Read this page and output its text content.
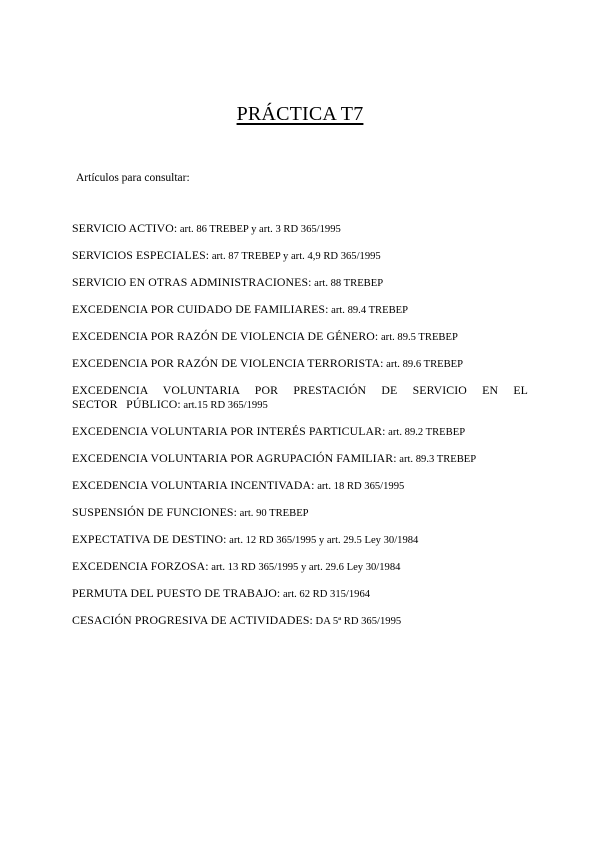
PRÁCTICA T7
Artículos para consultar:
SERVICIO ACTIVO: art. 86 TREBEP y art. 3 RD 365/1995
SERVICIOS ESPECIALES: art. 87 TREBEP y art. 4,9 RD 365/1995
SERVICIO EN OTRAS ADMINISTRACIONES: art. 88 TREBEP
EXCEDENCIA POR CUIDADO DE FAMILIARES: art. 89.4 TREBEP
EXCEDENCIA POR RAZÓN DE VIOLENCIA DE GÉNERO: art. 89.5 TREBEP
EXCEDENCIA POR RAZÓN DE VIOLENCIA TERRORISTA: art. 89.6 TREBEP
EXCEDENCIA VOLUNTARIA POR PRESTACIÓN DE SERVICIO EN EL SECTOR PÚBLICO: art.15 RD 365/1995
EXCEDENCIA VOLUNTARIA POR INTERÉS PARTICULAR: art. 89.2 TREBEP
EXCEDENCIA VOLUNTARIA POR AGRUPACIÓN FAMILIAR: art. 89.3 TREBEP
EXCEDENCIA VOLUNTARIA INCENTIVADA: art. 18 RD 365/1995
SUSPENSIÓN DE FUNCIONES: art. 90 TREBEP
EXPECTATIVA DE DESTINO: art. 12 RD 365/1995 y art. 29.5 Ley 30/1984
EXCEDENCIA FORZOSA: art. 13 RD 365/1995 y art. 29.6 Ley 30/1984
PERMUTA DEL PUESTO DE TRABAJO: art. 62 RD 315/1964
CESACIÓN PROGRESIVA DE ACTIVIDADES: DA 5ª RD 365/1995
